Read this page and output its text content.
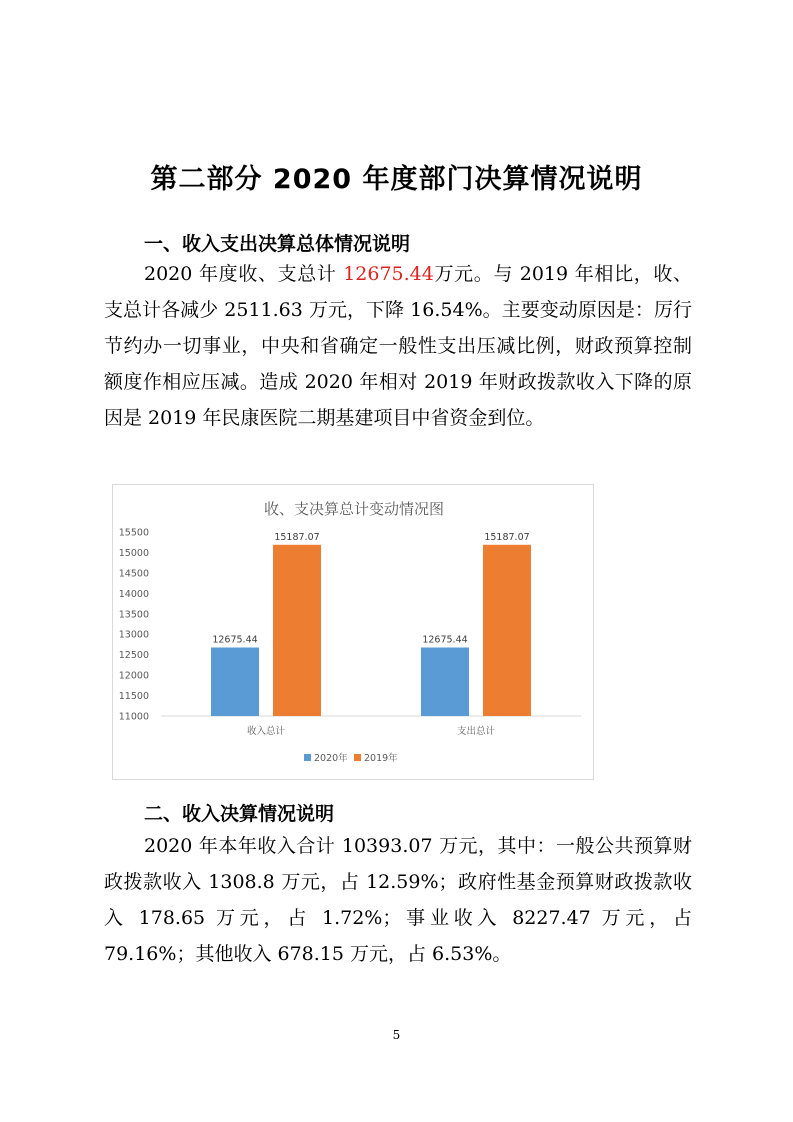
第二部分 2020 年度部门决算情况说明
一、收入支出决算总体情况说明

2020 年度收、支总计 12675.44万元。与 2019 年相比，收、支总计各减少 2511.63 万元，下降 16.54%。主要变动原因是：厉行节约办一切事业，中央和省确定一般性支出压减比例，财政预算控制额度作相应压减。造成 2020 年相对 2019 年财政拨款收入下降的原因是 2019 年民康医院二期基建项目中省资金到位。

收、支决算总计变动情况图
11000
11500
12000
12500
13000
13500
14000
14500
15000
15500
收入总计
12675.44
15187.07
支出总计
12675.44
15187.07
2020年 2019年
二、收入决算情况说明

2020 年本年收入合计 10393.07 万元，其中：一般公共预算财政拨款收入 1308.8 万元，占 12.59%；政府性基金预算财政拨款收入 178.65 万元，占 1.72%；事业收入 8227.47 万元，占 79.16%；其他收入 678.15 万元，占 6.53%。

5
